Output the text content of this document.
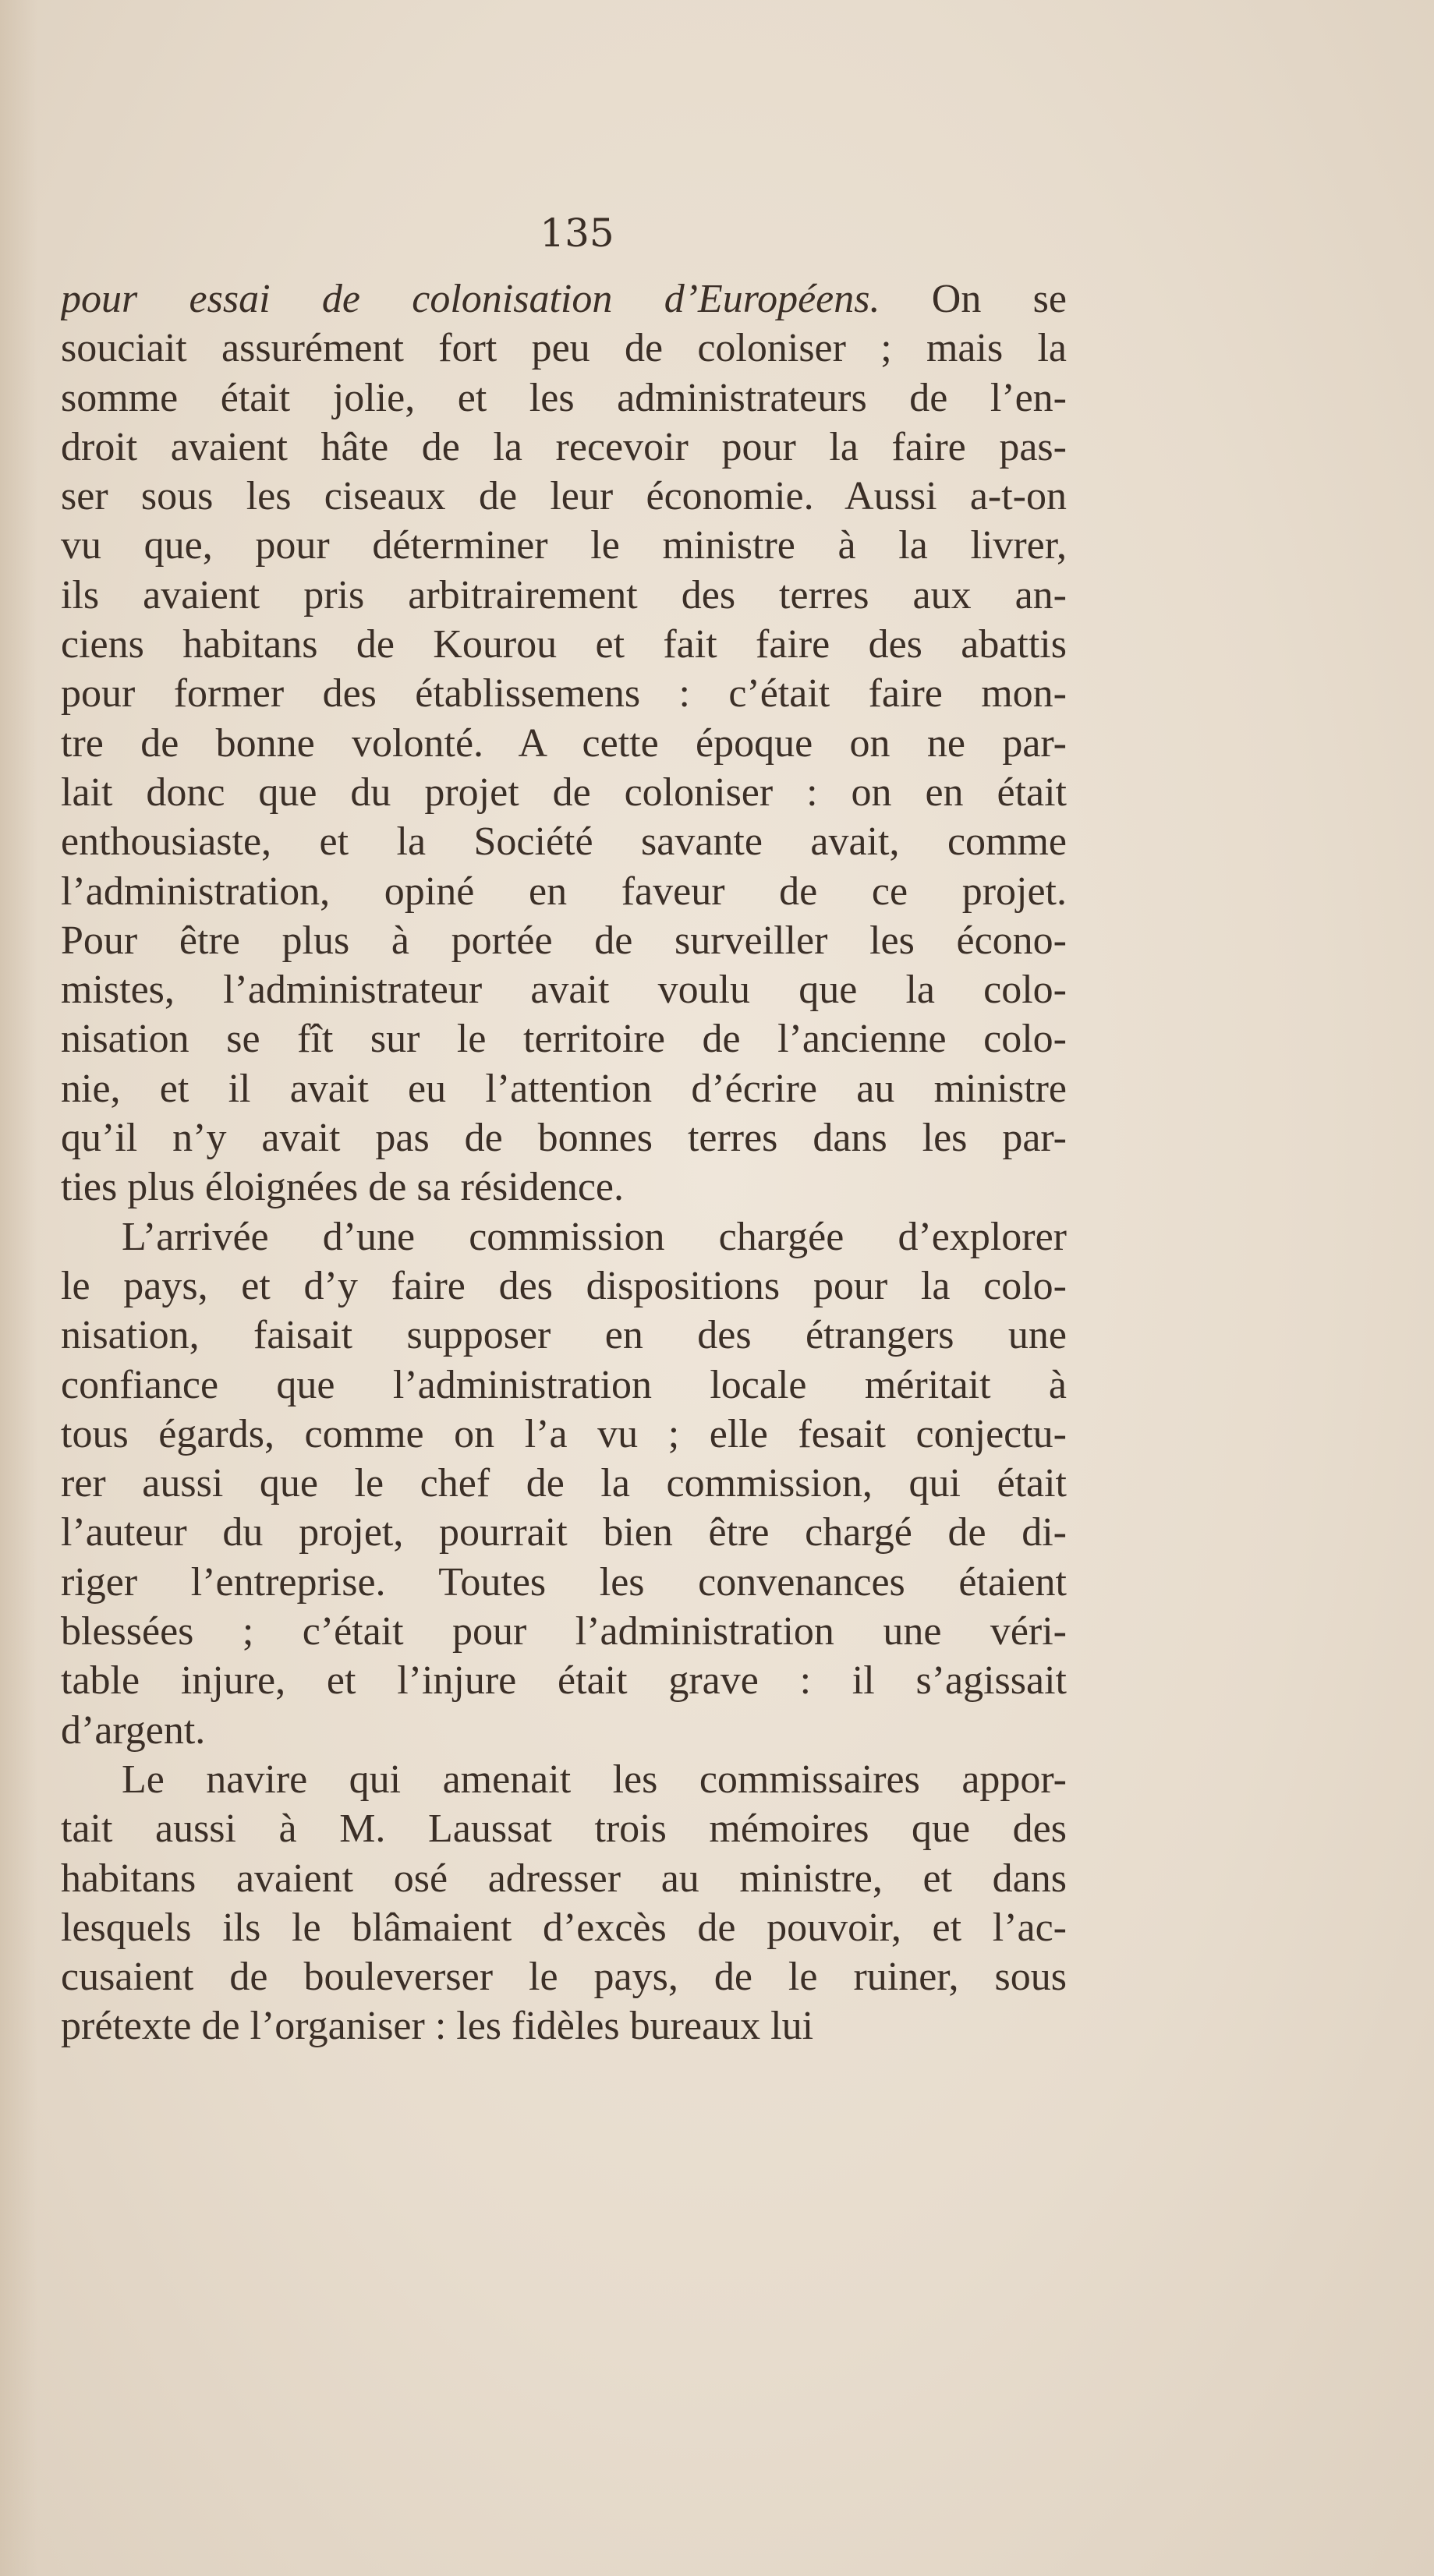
135

pour essai de colonisation d’Européens. On se
souciait assurément fort peu de coloniser ; mais la
somme était jolie, et les administrateurs de l’en-
droit avaient hâte de la recevoir pour la faire pas-
ser sous les ciseaux de leur économie. Aussi a-t-on
vu que, pour déterminer le ministre à la livrer,
ils avaient pris arbitrairement des terres aux an-
ciens habitans de Kourou et fait faire des abattis
pour former des établissemens : c’était faire mon-
tre de bonne volonté. A cette époque on ne par-
lait donc que du projet de coloniser : on en était
enthousiaste, et la Société savante avait, comme
l’administration, opiné en faveur de ce projet.
Pour être plus à portée de surveiller les écono-
mistes, l’administrateur avait voulu que la colo-
nisation se fît sur le territoire de l’ancienne colo-
nie, et il avait eu l’attention d’écrire au ministre
qu’il n’y avait pas de bonnes terres dans les par-
ties plus éloignées de sa résidence.
L’arrivée d’une commission chargée d’explorer
le pays, et d’y faire des dispositions pour la colo-
nisation, faisait supposer en des étrangers une
confiance que l’administration locale méritait à
tous égards, comme on l’a vu ; elle fesait conjectu-
rer aussi que le chef de la commission, qui était
l’auteur du projet, pourrait bien être chargé de di-
riger l’entreprise. Toutes les convenances étaient
blessées ; c’était pour l’administration une véri-
table injure, et l’injure était grave : il s’agissait
d’argent.
Le navire qui amenait les commissaires appor-
tait aussi à M. Laussat trois mémoires que des
habitans avaient osé adresser au ministre, et dans
lesquels ils le blâmaient d’excès de pouvoir, et l’ac-
cusaient de bouleverser le pays, de le ruiner, sous
prétexte de l’organiser : les fidèles bureaux lui
